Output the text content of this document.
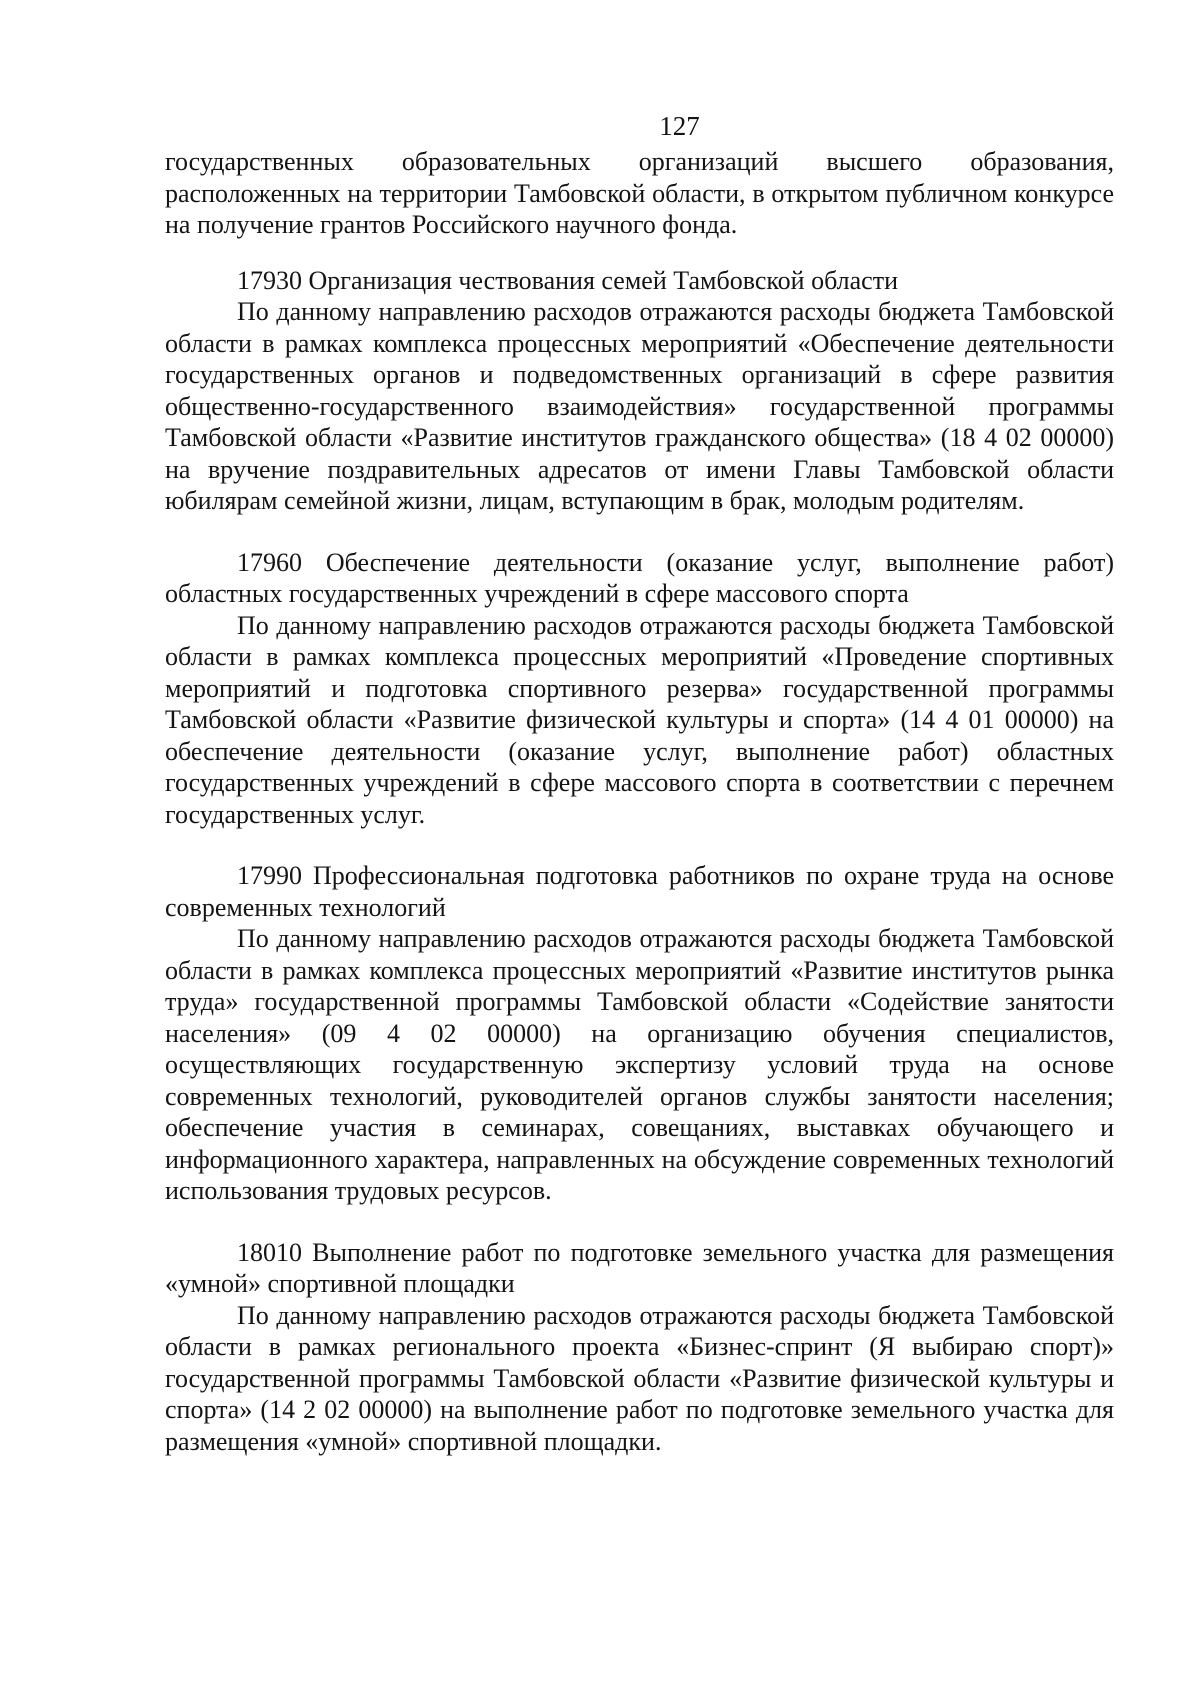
127

государственных образовательных организаций высшего образования, расположенных на территории Тамбовской области, в открытом публичном конкурсе на получение грантов Российского научного фонда.

17930 Организация чествования семей Тамбовской области

По данному направлению расходов отражаются расходы бюджета Тамбовской области в рамках комплекса процессных мероприятий «Обеспечение деятельности государственных органов и подведомственных организаций в сфере развития общественно-государственного взаимодействия» государственной программы Тамбовской области «Развитие институтов гражданского общества» (18 4 02 00000) на вручение поздравительных адресатов от имени Главы Тамбовской области юбилярам семейной жизни, лицам, вступающим в брак, молодым родителям.

17960 Обеспечение деятельности (оказание услуг, выполнение работ) областных государственных учреждений в сфере массового спорта

По данному направлению расходов отражаются расходы бюджета Тамбовской области в рамках комплекса процессных мероприятий «Проведение спортивных мероприятий и подготовка спортивного резерва» государственной программы Тамбовской области «Развитие физической культуры и спорта» (14 4 01 00000) на обеспечение деятельности (оказание услуг, выполнение работ) областных государственных учреждений в сфере массового спорта в соответствии с перечнем государственных услуг.

17990 Профессиональная подготовка работников по охране труда на основе современных технологий

По данному направлению расходов отражаются расходы бюджета Тамбовской области в рамках комплекса процессных мероприятий «Развитие институтов рынка труда» государственной программы Тамбовской области «Содействие занятости населения» (09 4 02 00000) на организацию обучения специалистов, осуществляющих государственную экспертизу условий труда на основе современных технологий, руководителей органов службы занятости населения; обеспечение участия в семинарах, совещаниях, выставках обучающего и информационного характера, направленных на обсуждение современных технологий использования трудовых ресурсов.

18010 Выполнение работ по подготовке земельного участка для размещения «умной» спортивной площадки

По данному направлению расходов отражаются расходы бюджета Тамбовской области в рамках регионального проекта «Бизнес-спринт (Я выбираю спорт)» государственной программы Тамбовской области «Развитие физической культуры и спорта» (14 2 02 00000) на выполнение работ по подготовке земельного участка для размещения «умной» спортивной площадки.
